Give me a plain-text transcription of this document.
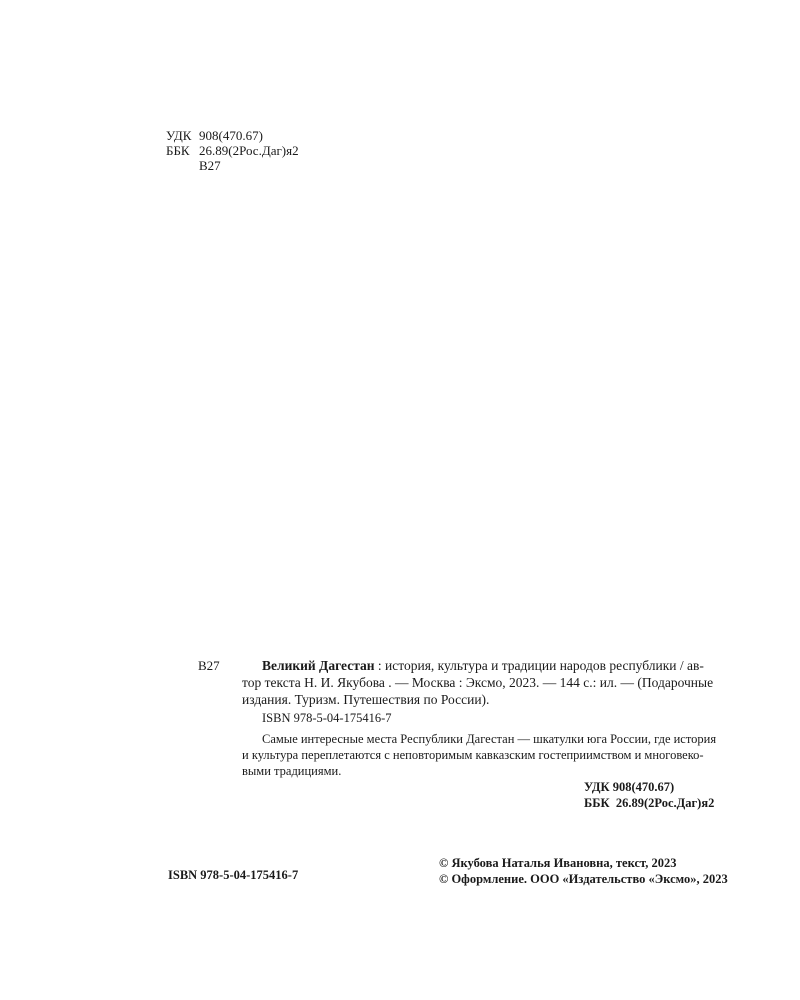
УДК 908(470.67)
ББК 26.89(2Рос.Даг)я2
В27
В27	Великий Дагестан : история, культура и традиции народов республики / ав-
тор текста Н. И. Якубова . — Москва : Эксмо, 2023. — 144 с.: ил. — (Подарочные
издания. Туризм. Путешествия по России).
ISBN 978-5-04-175416-7
Самые интересные места Республики Дагестан — шкатулки юга России, где история
и культура переплетаются с неповторимым кавказским гостеприимством и многовеко-
выми традициями.
УДК 908(470.67)
ББК  26.89(2Рос.Даг)я2
ISBN 978-5-04-175416-7
© Якубова Наталья Ивановна, текст, 2023
© Оформление. ООО «Издательство «Эксмо», 2023
